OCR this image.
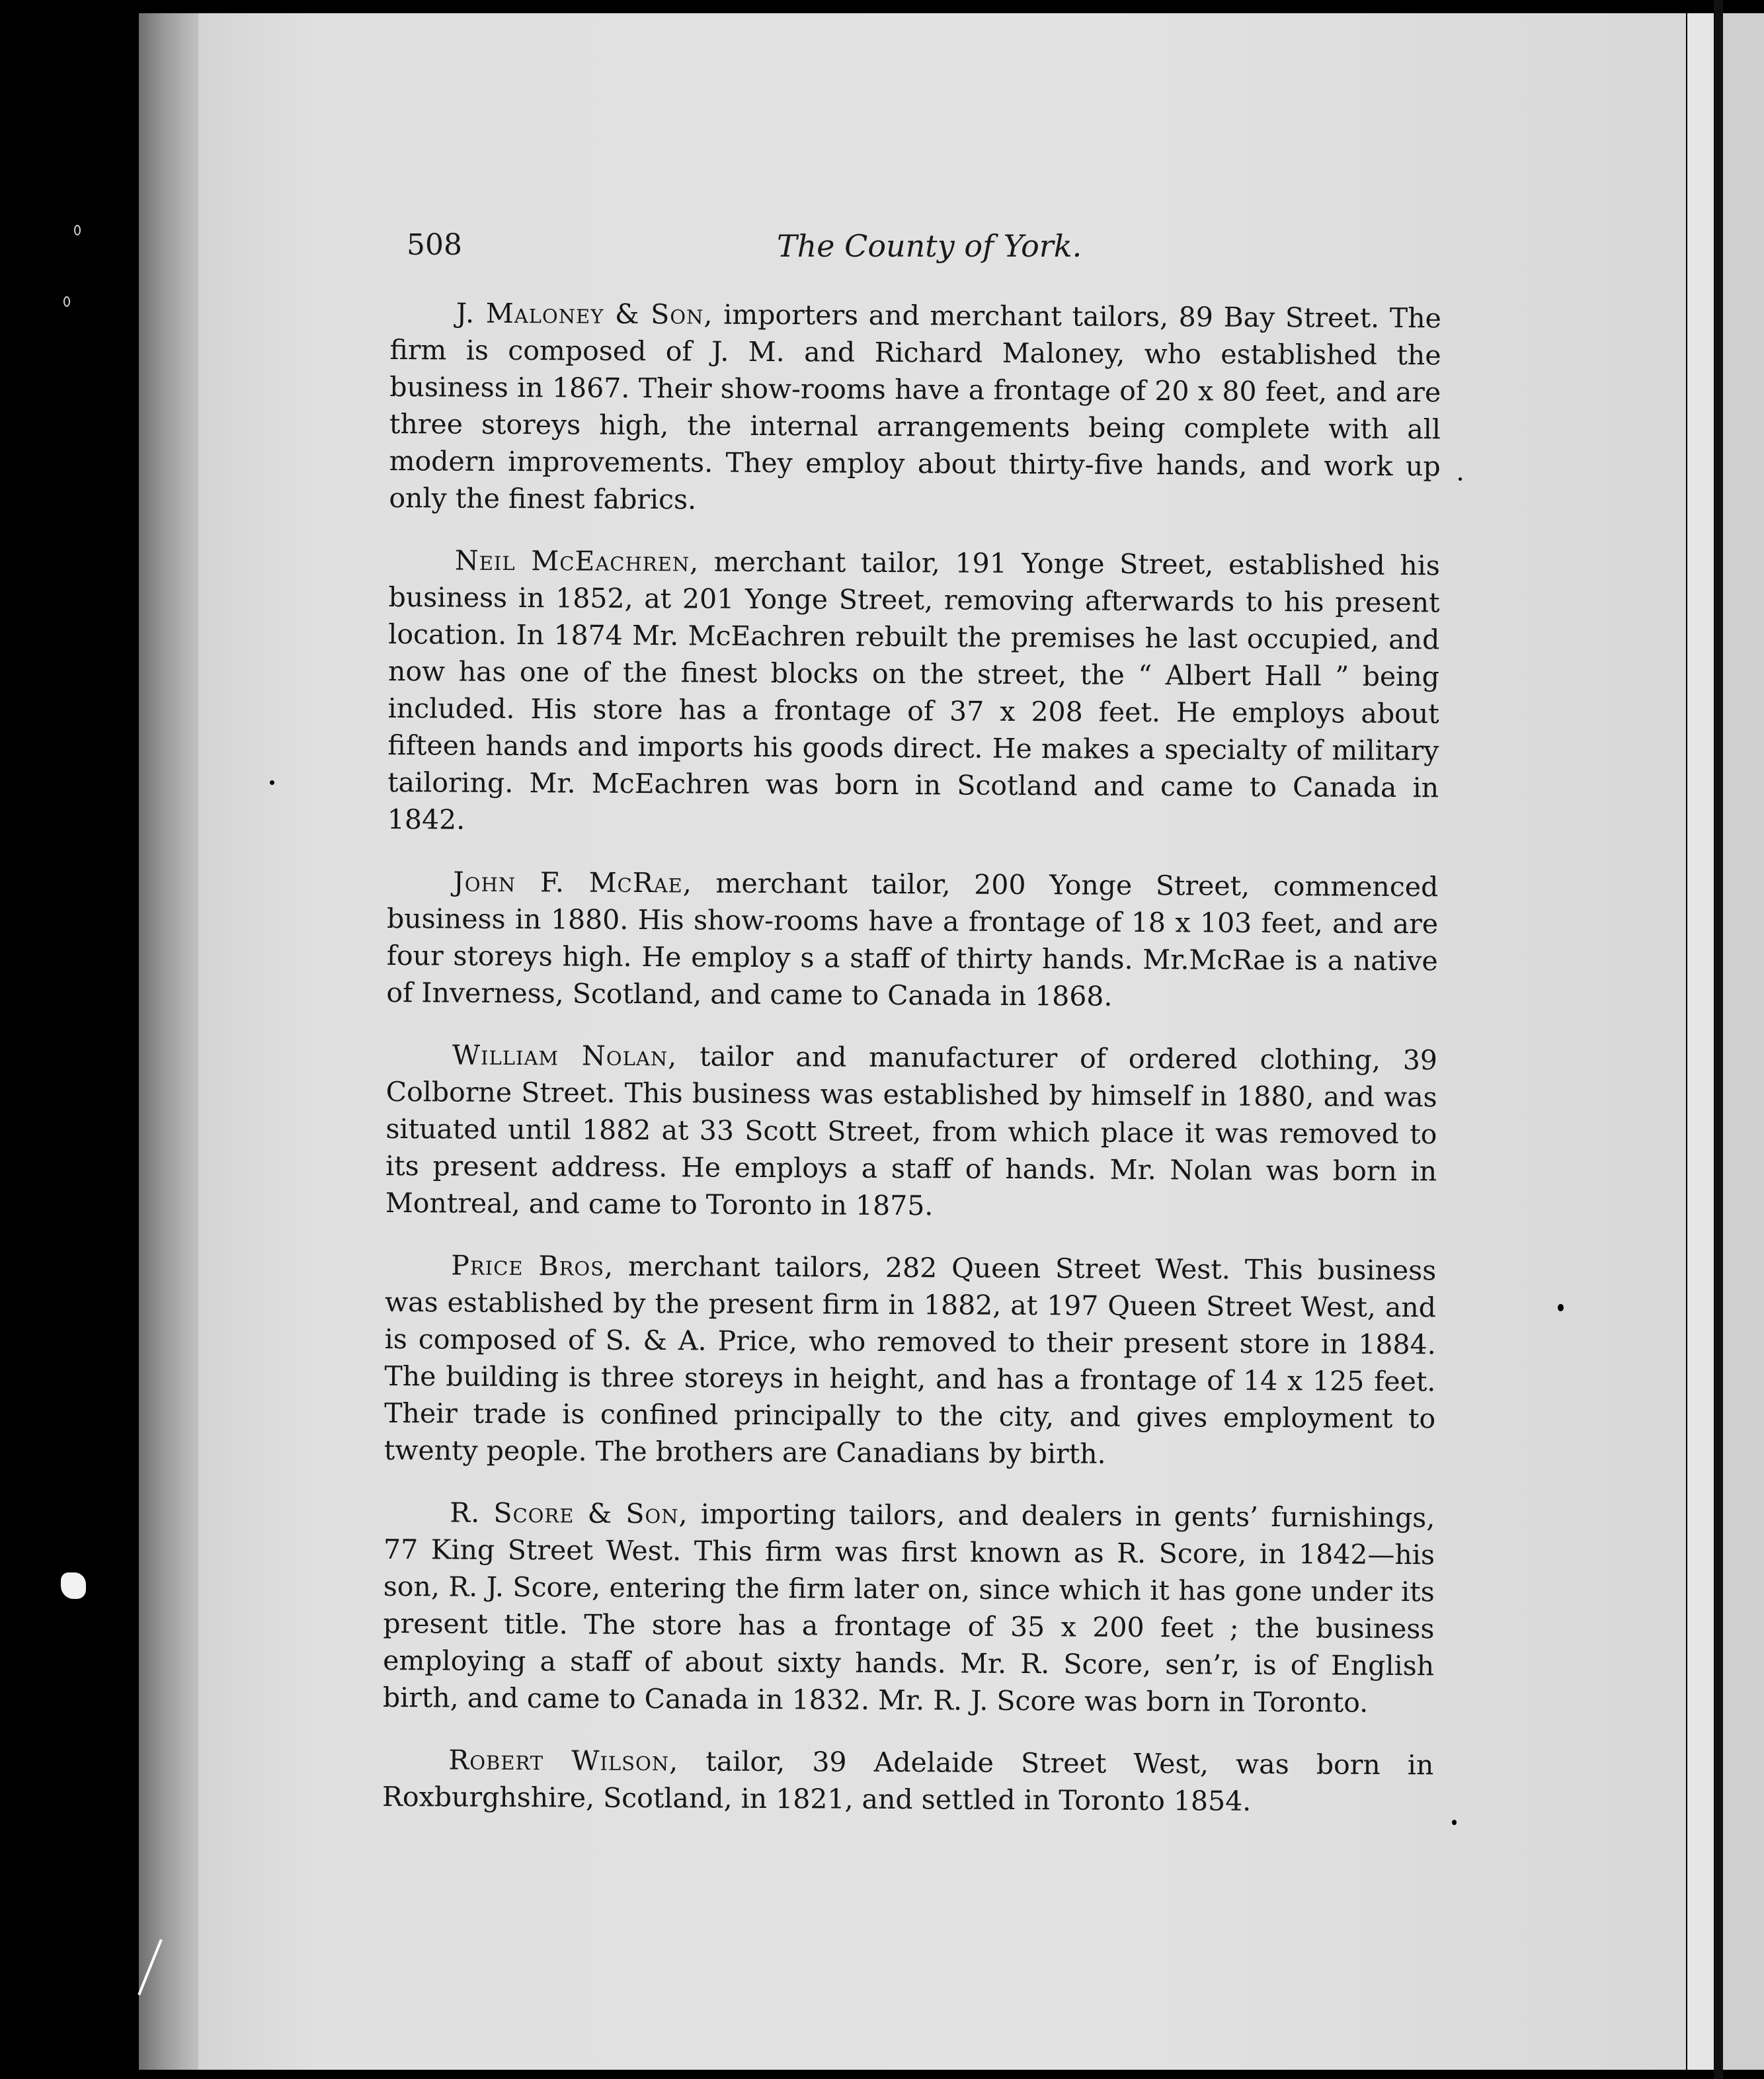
508	The County of York.

J. Maloney & Son, importers and merchant tailors, 89 Bay Street. The firm is composed of J. M. and Richard Maloney, who established the business in 1867. Their show-rooms have a frontage of 20 x 80 feet, and are three storeys high, the internal arrangements being complete with all modern improvements. They employ about thirty-five hands, and work up only the finest fabrics.

Neil McEachren, merchant tailor, 191 Yonge Street, established his business in 1852, at 201 Yonge Street, removing afterwards to his present location. In 1874 Mr. McEachren rebuilt the premises he last occupied, and now has one of the finest blocks on the street, the “ Albert Hall ” being included. His store has a frontage of 37 x 208 feet. He employs about fifteen hands and imports his goods direct. He makes a specialty of military tailoring. Mr. McEachren was born in Scotland and came to Canada in 1842.

John F. McRae, merchant tailor, 200 Yonge Street, commenced business in 1880. His show-rooms have a frontage of 18 x 103 feet, and are four storeys high. He employ s a staff of thirty hands. Mr.McRae is a native of Inverness, Scotland, and came to Canada in 1868.

William Nolan, tailor and manufacturer of ordered clothing, 39 Colborne Street. This business was established by himself in 1880, and was situated until 1882 at 33 Scott Street, from which place it was removed to its present address. He employs a staff of hands. Mr. Nolan was born in Montreal, and came to Toronto in 1875.

Price Bros, merchant tailors, 282 Queen Street West. This business was established by the present firm in 1882, at 197 Queen Street West, and is composed of S. & A. Price, who removed to their present store in 1884. The building is three storeys in height, and has a frontage of 14 x 125 feet. Their trade is confined principally to the city, and gives employment to twenty people. The brothers are Canadians by birth.

R. Score & Son, importing tailors, and dealers in gents’ furnishings, 77 King Street West. This firm was first known as R. Score, in 1842—his son, R. J. Score, entering the firm later on, since which it has gone under its present title. The store has a frontage of 35 x 200 feet ; the business employing a staff of about sixty hands. Mr. R. Score, sen’r, is of English birth, and came to Canada in 1832. Mr. R. J. Score was born in Toronto.

Robert Wilson, tailor, 39 Adelaide Street West, was born in Roxburghshire, Scotland, in 1821, and settled in Toronto 1854.
